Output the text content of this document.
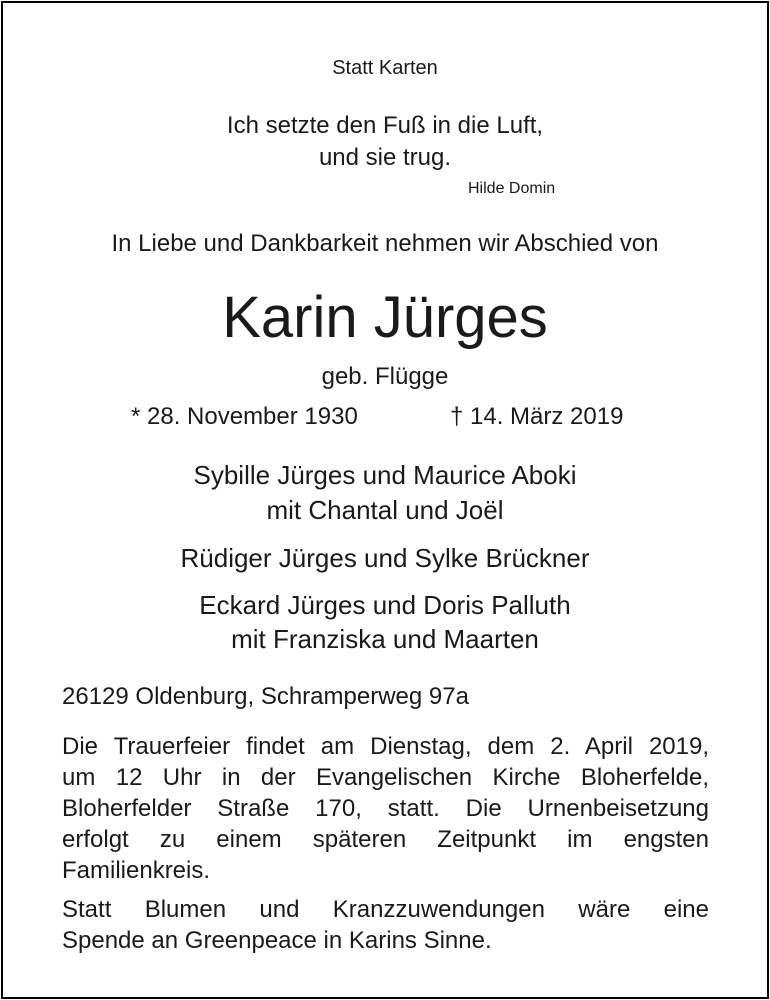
Statt Karten
Ich setzte den Fuß in die Luft,
und sie trug.
Hilde Domin
In Liebe und Dankbarkeit nehmen wir Abschied von
Karin Jürges
geb. Flügge
* 28. November 1930	† 14. März 2019
Sybille Jürges und Maurice Aboki
mit Chantal und Joël
Rüdiger Jürges und Sylke Brückner
Eckard Jürges und Doris Palluth
mit Franziska und Maarten
26129 Oldenburg, Schramperweg 97a
Die Trauerfeier findet am Dienstag, dem 2. April 2019,
um 12 Uhr in der Evangelischen Kirche Bloherfelde,
Bloherfelder Straße 170, statt. Die Urnenbeisetzung
erfolgt zu einem späteren Zeitpunkt im engsten
Familienkreis.
Statt Blumen und Kranzzuwendungen wäre eine
Spende an Greenpeace in Karins Sinne.
